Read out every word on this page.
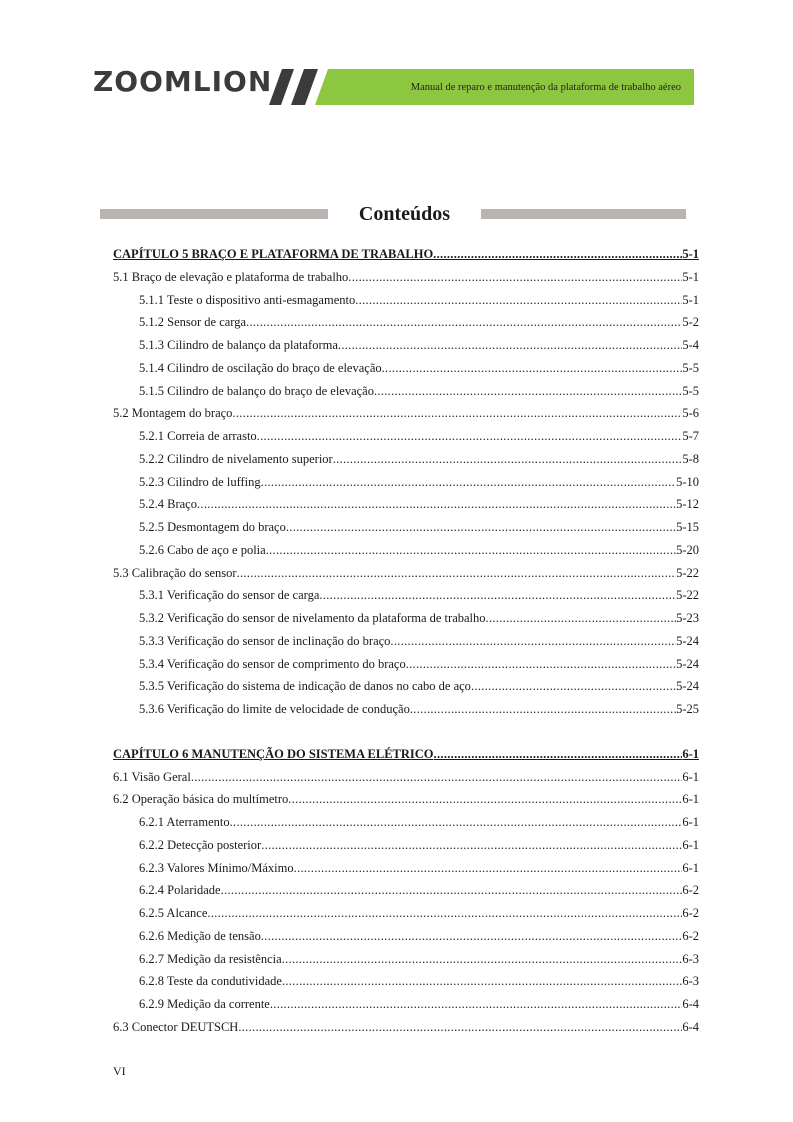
ZOOMLION	Manual de reparo e manutenção da plataforma de trabalho aéreo
Conteúdos
CAPÍTULO 5 BRAÇO E PLATAFORMA DE TRABALHO .....	5-1
5.1 Braço de elevação e plataforma de trabalho .....	5-1
5.1.1 Teste o dispositivo anti-esmagamento .....	5-1
5.1.2 Sensor de carga .....	5-2
5.1.3 Cilindro de balanço da plataforma .....	5-4
5.1.4 Cilindro de oscilação do braço de elevação .....	5-5
5.1.5 Cilindro de balanço do braço de elevação .....	5-5
5.2 Montagem do braço .....	5-6
5.2.1 Correia de arrasto .....	5-7
5.2.2 Cilindro de nivelamento superior .....	5-8
5.2.3 Cilindro de luffing .....	5-10
5.2.4 Braço .....	5-12
5.2.5 Desmontagem do braço .....	5-15
5.2.6 Cabo de aço e polia .....	5-20
5.3 Calibração do sensor .....	5-22
5.3.1 Verificação do sensor de carga .....	5-22
5.3.2 Verificação do sensor de nivelamento da plataforma de trabalho .....	5-23
5.3.3 Verificação do sensor de inclinação do braço .....	5-24
5.3.4 Verificação do sensor de comprimento do braço .....	5-24
5.3.5 Verificação do sistema de indicação de danos no cabo de aço .....	5-24
5.3.6 Verificação do limite de velocidade de condução .....	5-25
CAPÍTULO 6 MANUTENÇÃO DO SISTEMA ELÉTRICO .....	6-1
6.1 Visão Geral .....	6-1
6.2 Operação básica do multímetro .....	6-1
6.2.1 Aterramento .....	6-1
6.2.2 Detecção posterior .....	6-1
6.2.3 Valores Mínimo/Máximo .....	6-1
6.2.4 Polaridade .....	6-2
6.2.5 Alcance .....	6-2
6.2.6 Medição de tensão .....	6-2
6.2.7 Medição da resistência .....	6-3
6.2.8 Teste da condutividade .....	6-3
6.2.9 Medição da corrente .....	6-4
6.3 Conector DEUTSCH .....	6-4
VI
